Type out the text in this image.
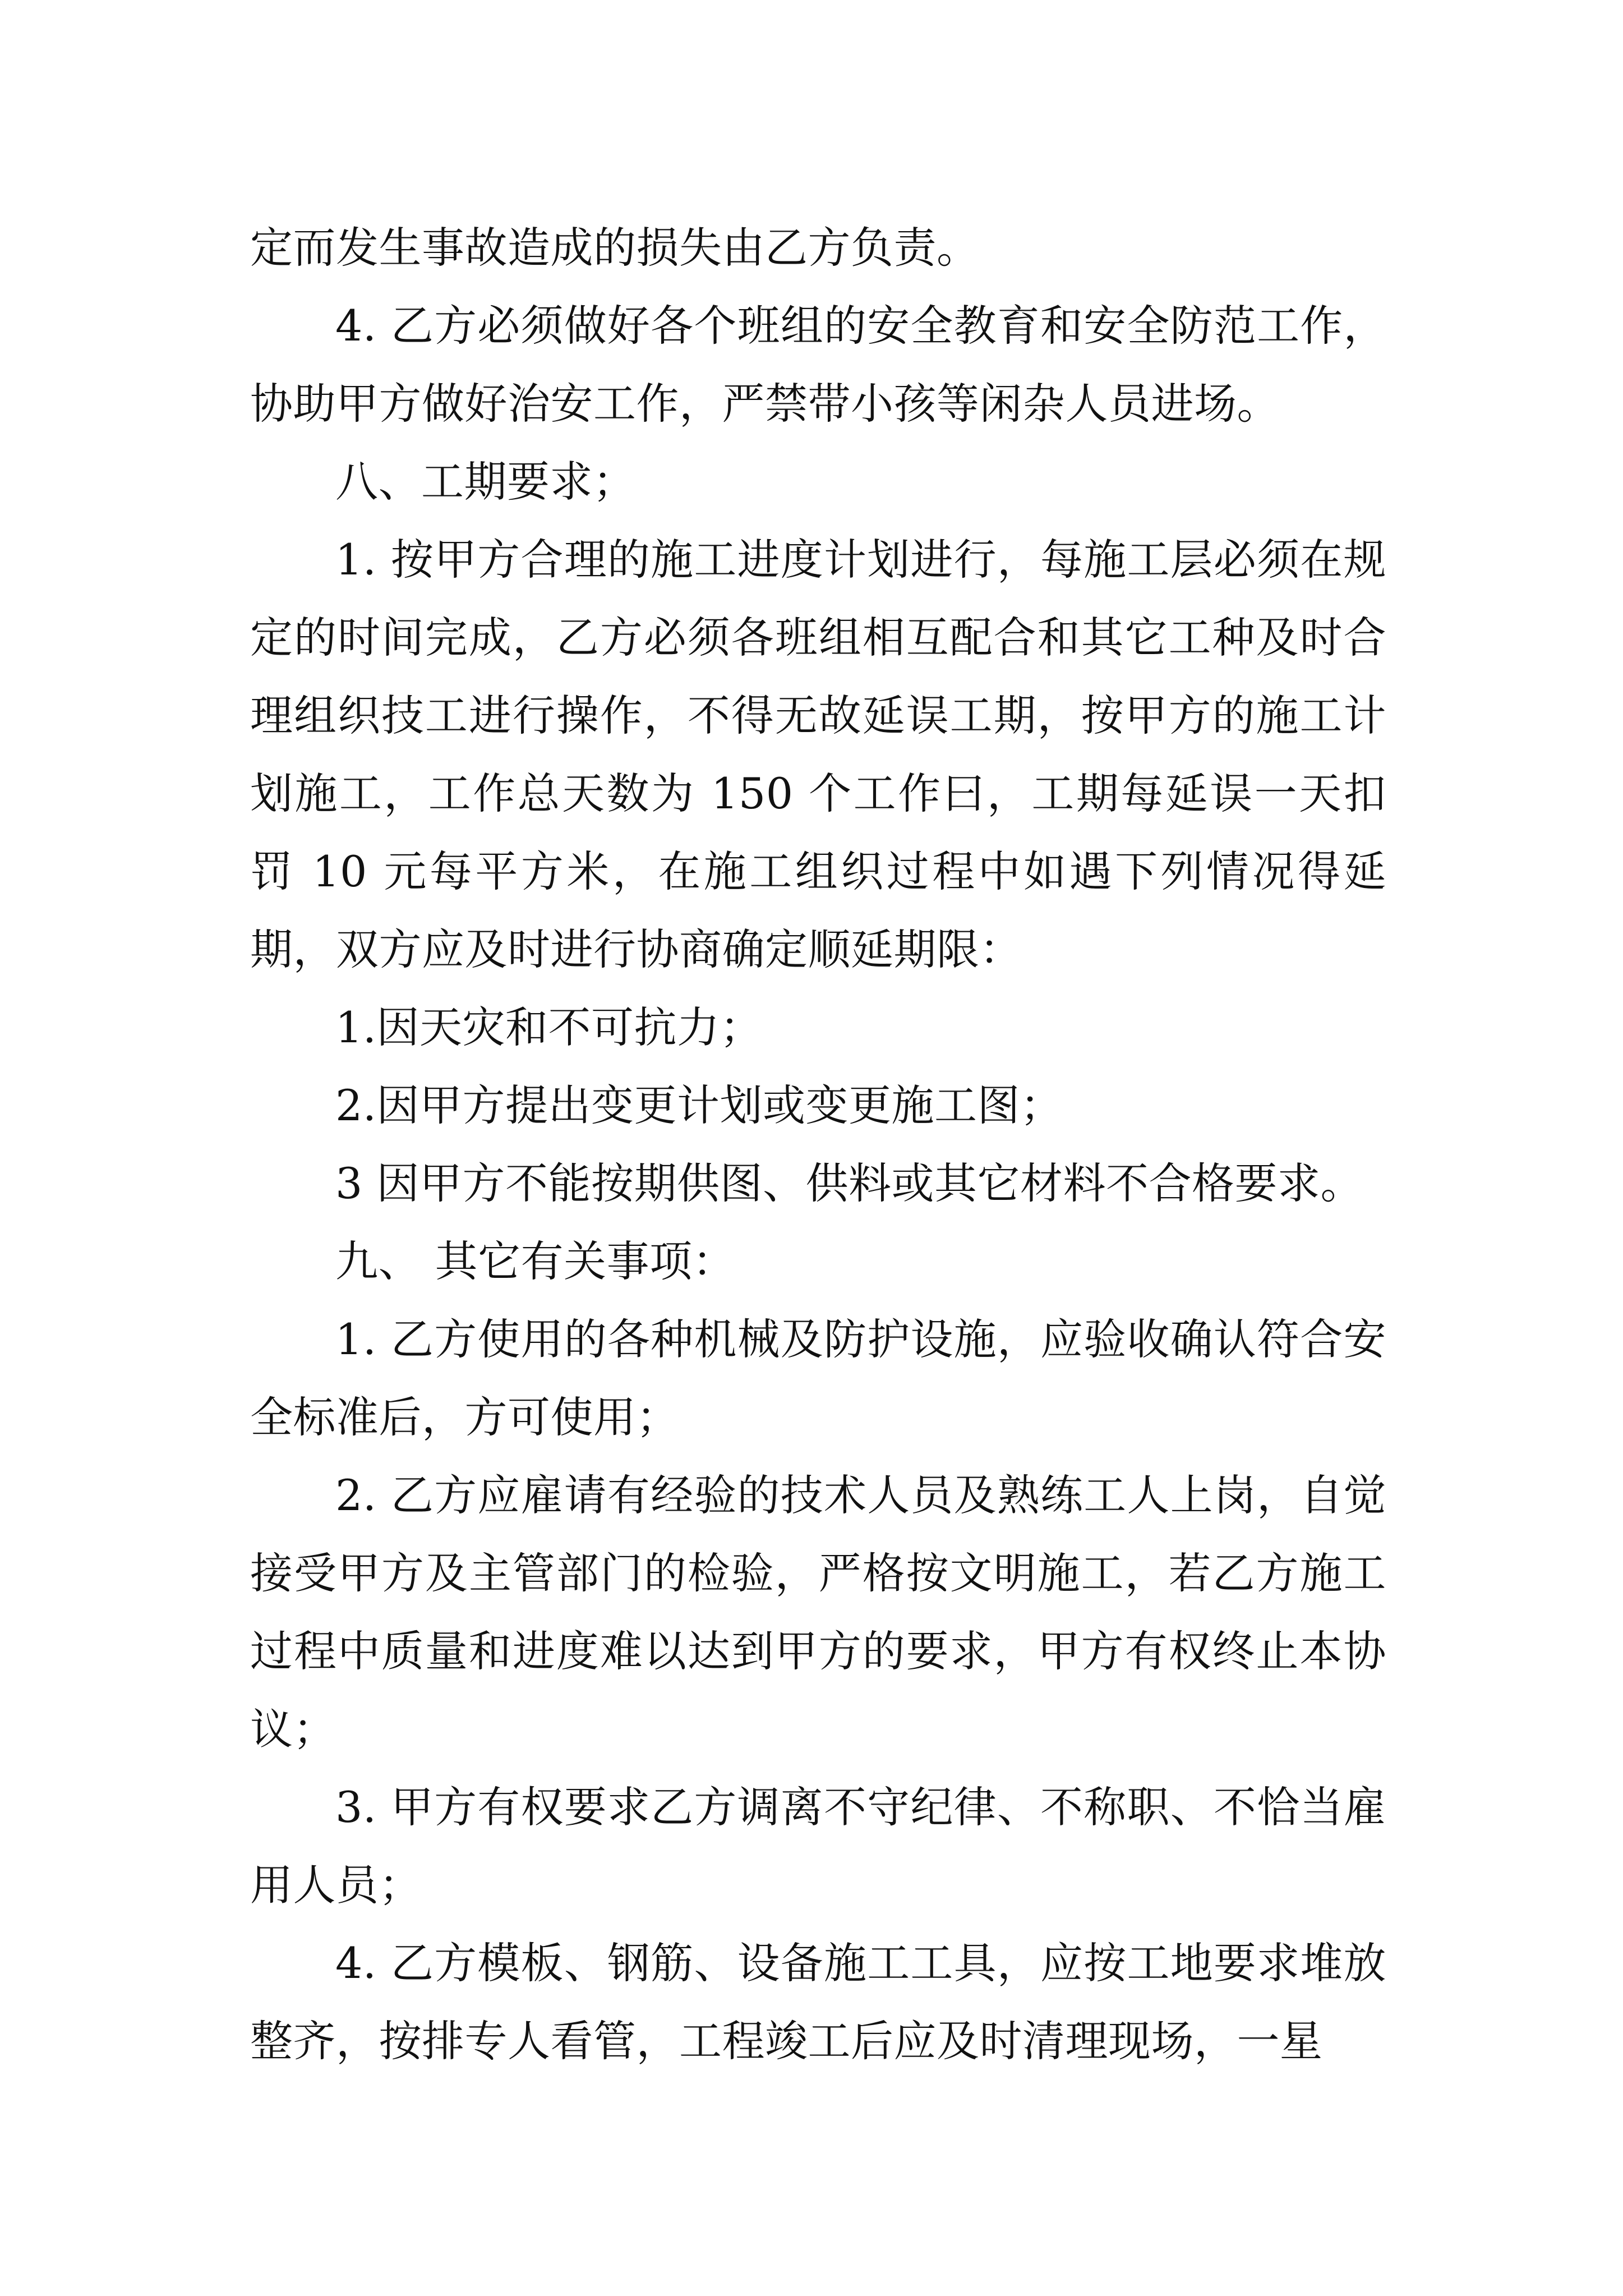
定而发生事故造成的损失由乙方负责。

4. 乙方必须做好各个班组的安全教育和安全防范工作，协助甲方做好治安工作，严禁带小孩等闲杂人员进场。

八、工期要求；

1. 按甲方合理的施工进度计划进行，每施工层必须在规定的时间完成，乙方必须各班组相互配合和其它工种及时合理组织技工进行操作，不得无故延误工期，按甲方的施工计划施工，工作总天数为 150 个工作曰，工期每延误一天扣罚 10 元每平方米，在施工组织过程中如遇下列情况得延期，双方应及时进行协商确定顺延期限：

1.因天灾和不可抗力；

2.因甲方提出变更计划或变更施工图；

3 因甲方不能按期供图、供料或其它材料不合格要求。

九、 其它有关事项：

1. 乙方使用的各种机械及防护设施，应验收确认符合安全标准后，方可使用；

2. 乙方应雇请有经验的技术人员及熟练工人上岗，自觉接受甲方及主管部门的检验，严格按文明施工，若乙方施工过程中质量和进度难以达到甲方的要求，甲方有权终止本协议；

3. 甲方有权要求乙方调离不守纪律、不称职、不恰当雇用人员；

4. 乙方模板、钢筋、设备施工工具，应按工地要求堆放整齐，按排专人看管，工程竣工后应及时清理现场，一星
